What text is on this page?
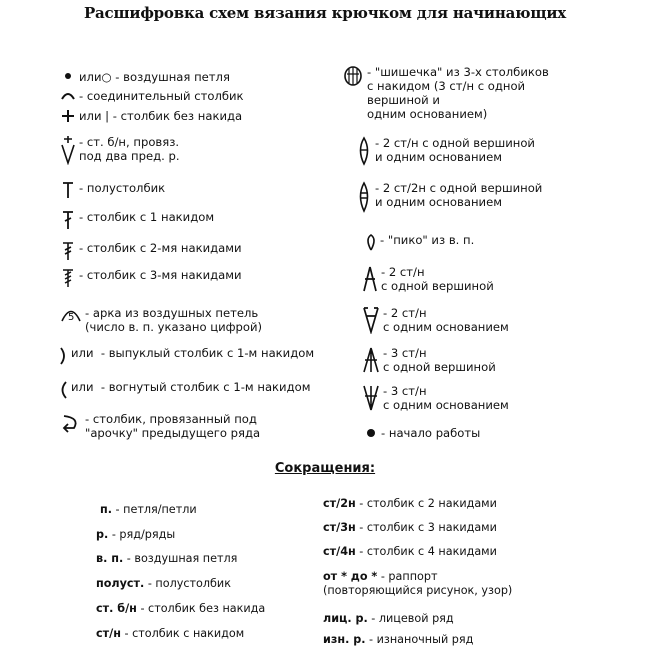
Расшифровка схем вязания крючком для начинающих
или○ - воздушная петля
- соединительный столбик
или | - столбик без накида
- ст. б/н, провяз.
под два пред. р.
- полустолбик
- столбик с 1 накидом
- столбик с 2-мя накидами
- столбик с 3-мя накидами
5 - арка из воздушных петель
(число в. п. указано цифрой)
или  - выпуклый столбик с 1-м накидом
или  - вогнутый столбик с 1-м накидом
- столбик, провязанный под
"арочку" предыдущего ряда
- "шишечка" из 3-х столбиков
с накидом (3 ст/н с одной
вершиной и
одним основанием)
- 2 ст/н с одной вершиной
и одним основанием
- 2 ст/2н с одной вершиной
и одним основанием
- "пико" из в. п.
- 2 ст/н
с одной вершиной
- 2 ст/н
с одним основанием
- 3 ст/н
с одной вершиной
- 3 ст/н
с одним основанием
- начало работы
Сокращения:
п. - петля/петли
р. - ряд/ряды
в. п. - воздушная петля
полуст. - полустолбик
ст. б/н - столбик без накида
ст/н - столбик с накидом
ст/2н - столбик с 2 накидами
ст/3н - столбик с 3 накидами
ст/4н - столбик с 4 накидами
от * до * - раппорт
(повторяющийся рисунок, узор)
лиц. р. - лицевой ряд
изн. р. - изнаночный ряд
